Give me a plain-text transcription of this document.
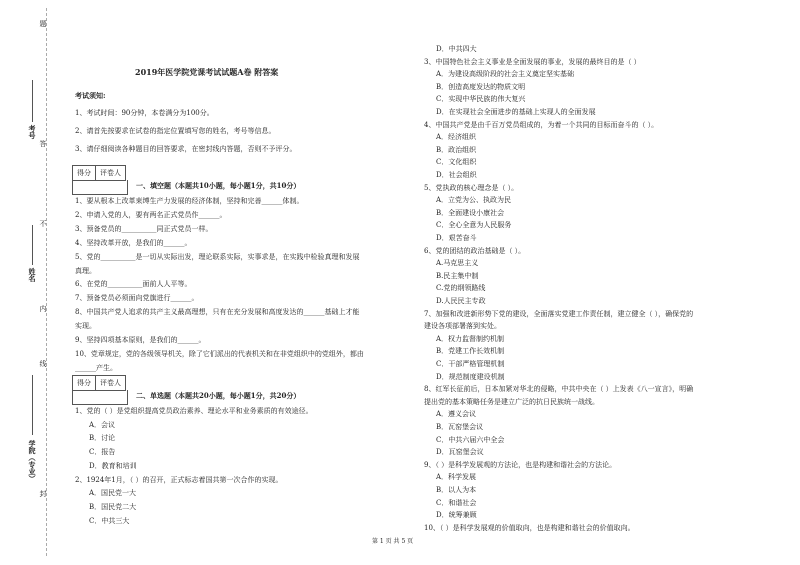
题
答
不
内
线
封
考号
姓名
学院（专业）
2019年医学院党课考试试题A卷 附答案
考试须知:
1、考试时间：90分钟，本卷满分为100分。
2、请首先按要求在试卷的指定位置填写您的姓名，考号等信息。
3、请仔细阅读各种题目的回答要求，在密封线内答题，否则不予评分。
得分	评卷人
一、填空题（本题共10小题，每小题1分，共10分）
1、要从根本上改革束缚生产力发展的经济体制，坚持和完善______体制。
2、申请入党的人，要有两名正式党员作______。
3、预备党员的__________同正式党员一样。
4、坚持改革开放，是我们的______。
5、党的__________是一切从实际出发，理论联系实际，实事求是，在实践中检验真理和发展
真理。
6、在党的__________面前人人平等。
7、预备党员必须面向党旗进行______。
8、中国共产党人追求的共产主义最高理想，只有在充分发展和高度发达的______基础上才能
实现。
9、坚持四项基本原则，是我们的______。
10、党章规定，党的各级领导机关，除了它们派出的代表机关和在非党组织中的党组外，都由
______产生。
得分	评卷人
二、单选题（本题共20小题，每小题1分，共20分）
1、党的（ ）是党组织提高党员政治素养、理论水平和业务素质的有效途径。
A．会议
B．讨论
C．报告
D．教育和培训
2、1924年1月，（ ）的召开，正式标志着国共第一次合作的实现。
A．国民党一大
B．国民党二大
C．中共三大
D．中共四大
3、中国特色社会主义事业是全面发展的事业，发展的最终目的是（ ）
A．为建设高级阶段的社会主义奠定坚实基础
B．创造高度发达的物质文明
C．实现中华民族的伟大复兴
D．在实现社会全面进步的基础上实现人的全面发展
4、中国共产党是由千百万党员组成的，为着一个共同的目标而奋斗的（ ）。
A．经济组织
B．政治组织
C．文化组织
D．社会组织
5、党执政的核心理念是（ ）。
A．立党为公、执政为民
B．全面建设小康社会
C．全心全意为人民服务
D．艰苦奋斗
6、党的团结的政治基础是（ ）。
A.马克思主义
B.民主集中制
C.党的纲领路线
D.人民民主专政
7、加强和改进新形势下党的建设，全面落实党建工作责任制，建立健全（ ），确保党的
建设各项部署落到实处。
A．权力监督制约机制
B．党建工作长效机制
C．干部严格管理机制
D．规范制度建设机制
8、红军长征前后，日本加紧对华北的侵略，中共中央在（ ）上发表《八一宣言》，明确
提出党的基本策略任务是建立广泛的抗日民族统一战线。
A．遵义会议
B．瓦窑堡会议
C．中共六届六中全会
D．瓦窑堡会议
9、（ ）是科学发展观的方法论，也是构建和谐社会的方法论。
A．科学发展
B．以人为本
C．和谐社会
D．统筹兼顾
10、（ ）是科学发展观的价值取向，也是构建和谐社会的价值取向。
第 1 页 共 5 页
